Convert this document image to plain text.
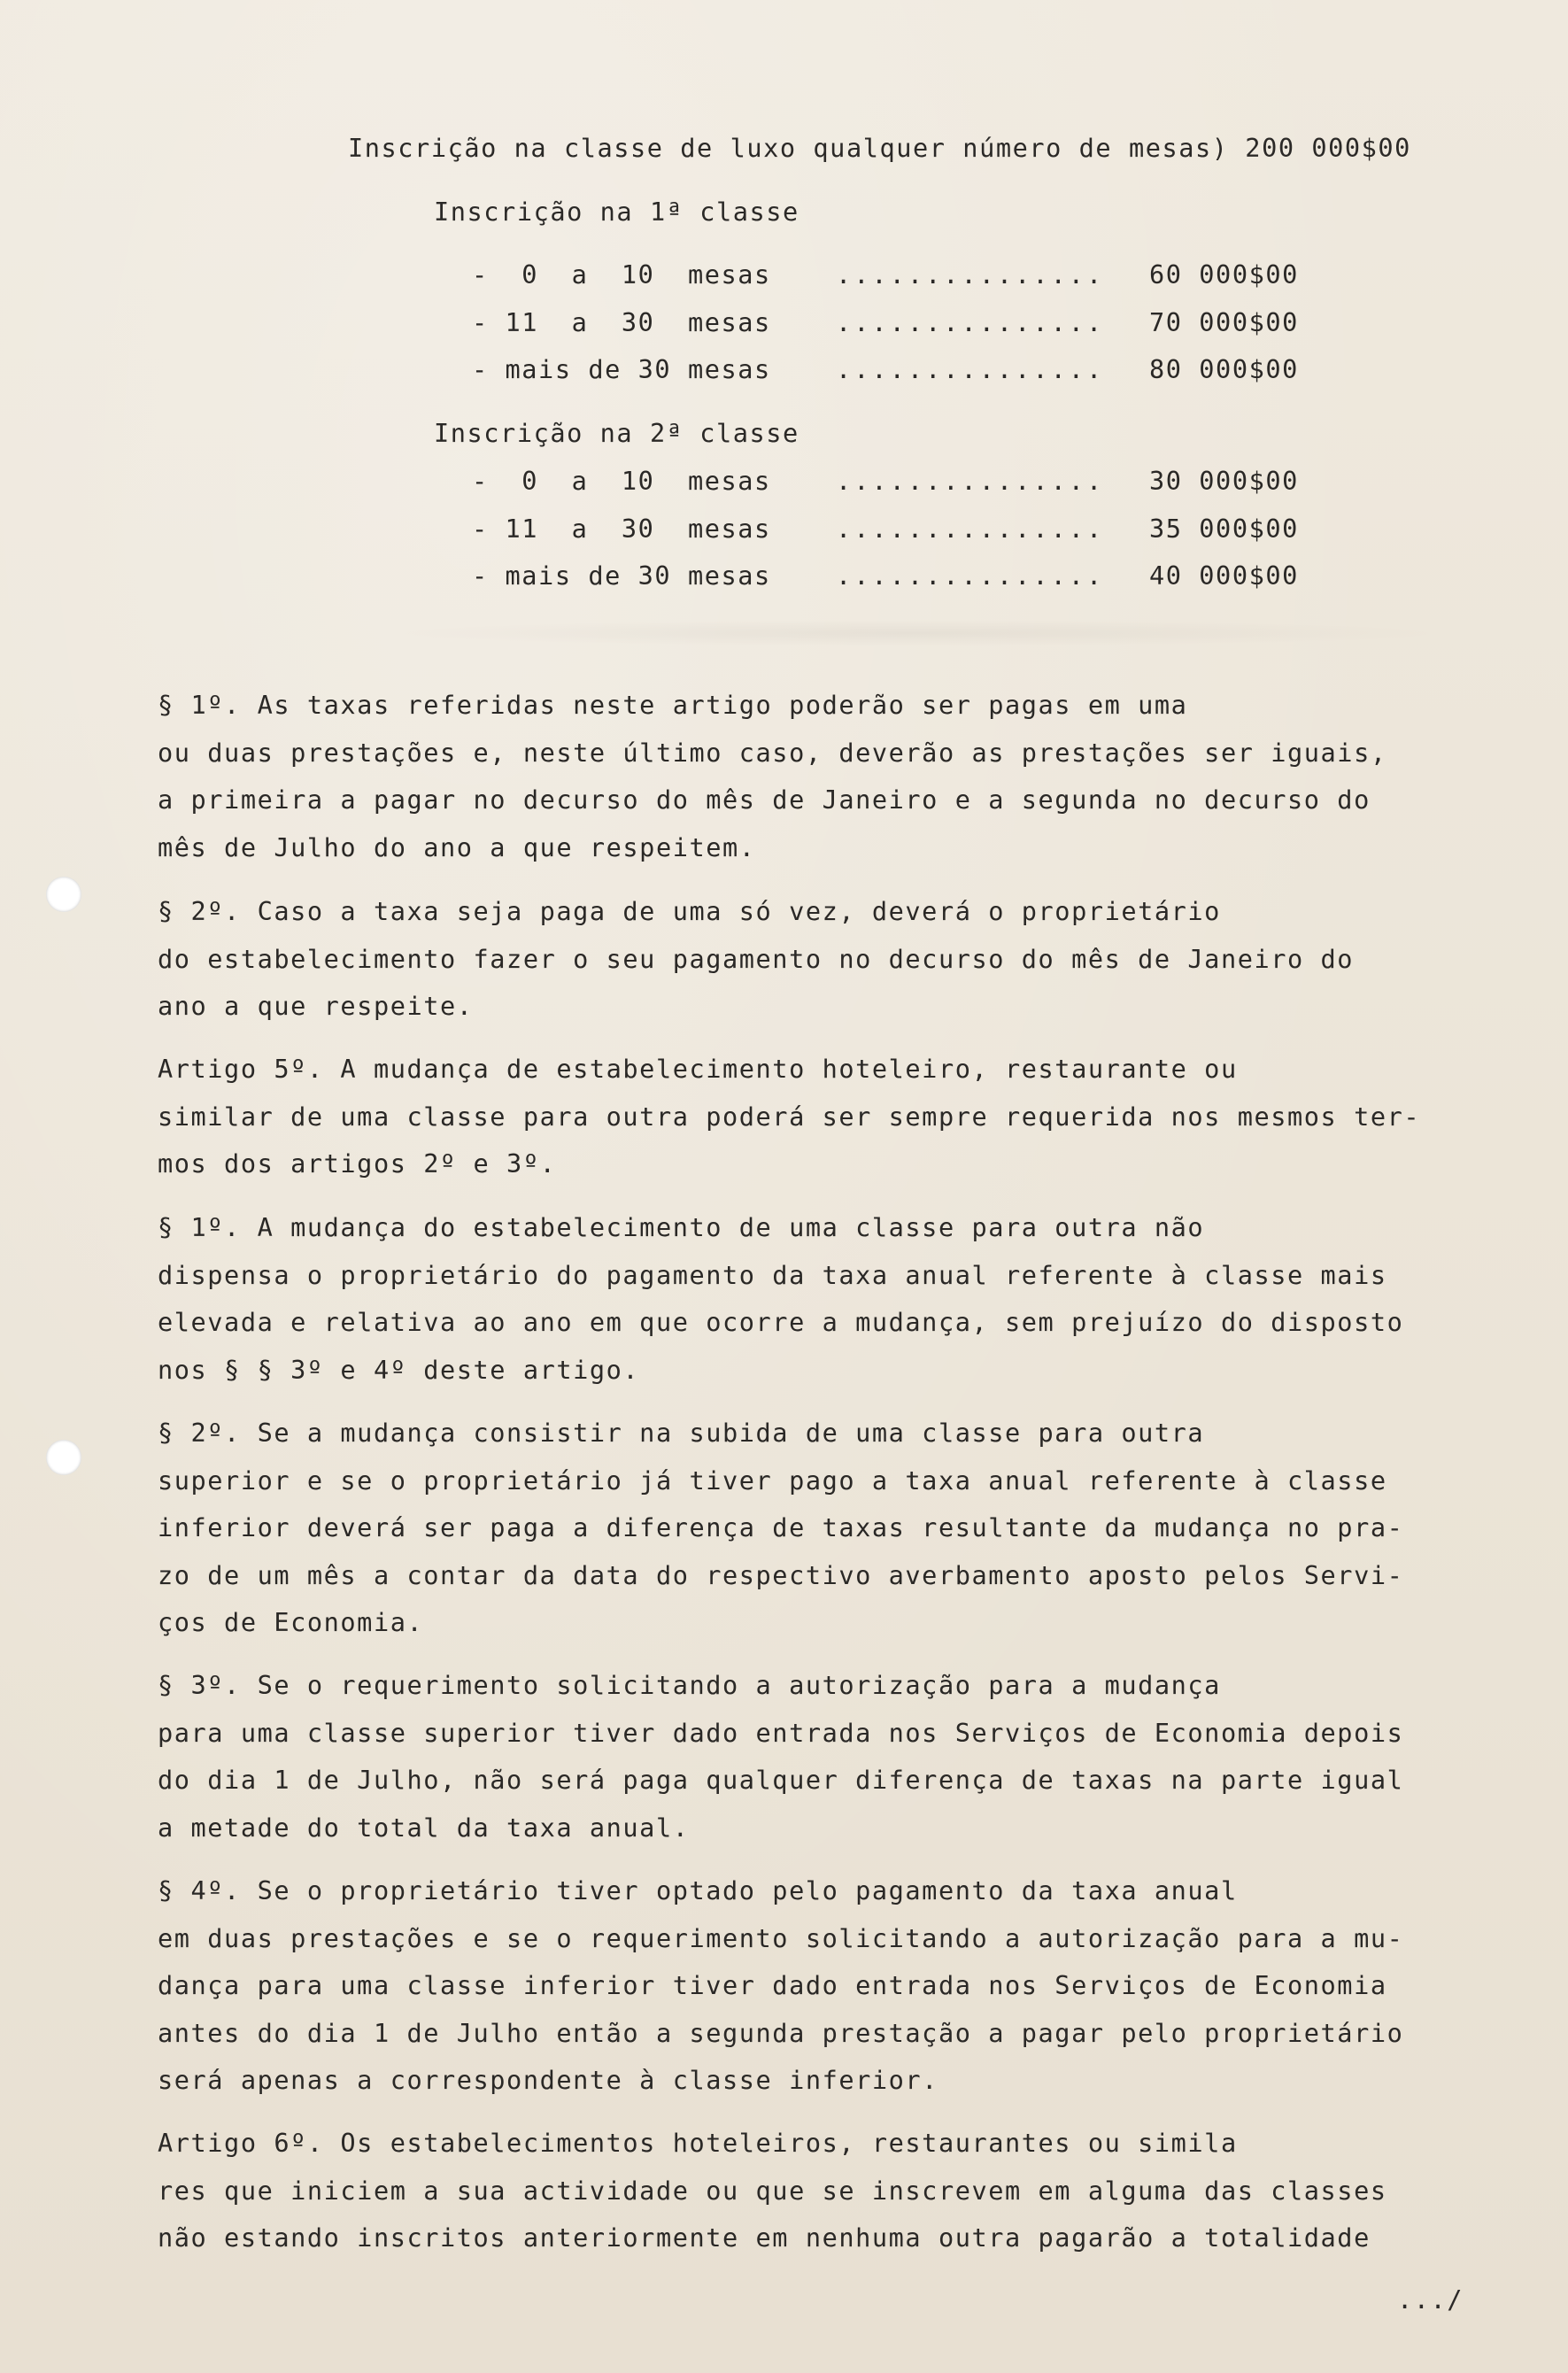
Inscrição na classe de luxo qualquer número de mesas) 200 000$00
Inscrição na 1ª classe
-  0  a  10  mesas	............... 60 000$00
- 11  a  30  mesas	............... 70 000$00
- mais de 30 mesas	............... 80 000$00
Inscrição na 2ª classe
-  0  a  10  mesas	............... 30 000$00
- 11  a  30  mesas	............... 35 000$00
- mais de 30 mesas	............... 40 000$00
§ 1º. As taxas referidas neste artigo poderão ser pagas em uma
ou duas prestações e, neste último caso, deverão as prestações ser iguais,
a primeira a pagar no decurso do mês de Janeiro e a segunda no decurso do
mês de Julho do ano a que respeitem.
§ 2º. Caso a taxa seja paga de uma só vez, deverá o proprietário
do estabelecimento fazer o seu pagamento no decurso do mês de Janeiro do
ano a que respeite.
Artigo 5º. A mudança de estabelecimento hoteleiro, restaurante ou
similar de uma classe para outra poderá ser sempre requerida nos mesmos ter-
mos dos artigos 2º e 3º.
§ 1º. A mudança do estabelecimento de uma classe para outra não
dispensa o proprietário do pagamento da taxa anual referente à classe mais
elevada e relativa ao ano em que ocorre a mudança, sem prejuízo do disposto
nos § § 3º e 4º deste artigo.
§ 2º. Se a mudança consistir na subida de uma classe para outra
superior e se o proprietário já tiver pago a taxa anual referente à classe
inferior deverá ser paga a diferença de taxas resultante da mudança no pra-
zo de um mês a contar da data do respectivo averbamento aposto pelos Servi-
ços de Economia.
§ 3º. Se o requerimento solicitando a autorização para a mudança
para uma classe superior tiver dado entrada nos Serviços de Economia depois
do dia 1 de Julho, não será paga qualquer diferença de taxas na parte igual
a metade do total da taxa anual.
§ 4º. Se o proprietário tiver optado pelo pagamento da taxa anual
em duas prestações e se o requerimento solicitando a autorização para a mu-
dança para uma classe inferior tiver dado entrada nos Serviços de Economia
antes do dia 1 de Julho então a segunda prestação a pagar pelo proprietário
será apenas a correspondente à classe inferior.
Artigo 6º. Os estabelecimentos hoteleiros, restaurantes ou simila
res que iniciem a sua actividade ou que se inscrevem em alguma das classes
não estando inscritos anteriormente em nenhuma outra pagarão a totalidade
.../
